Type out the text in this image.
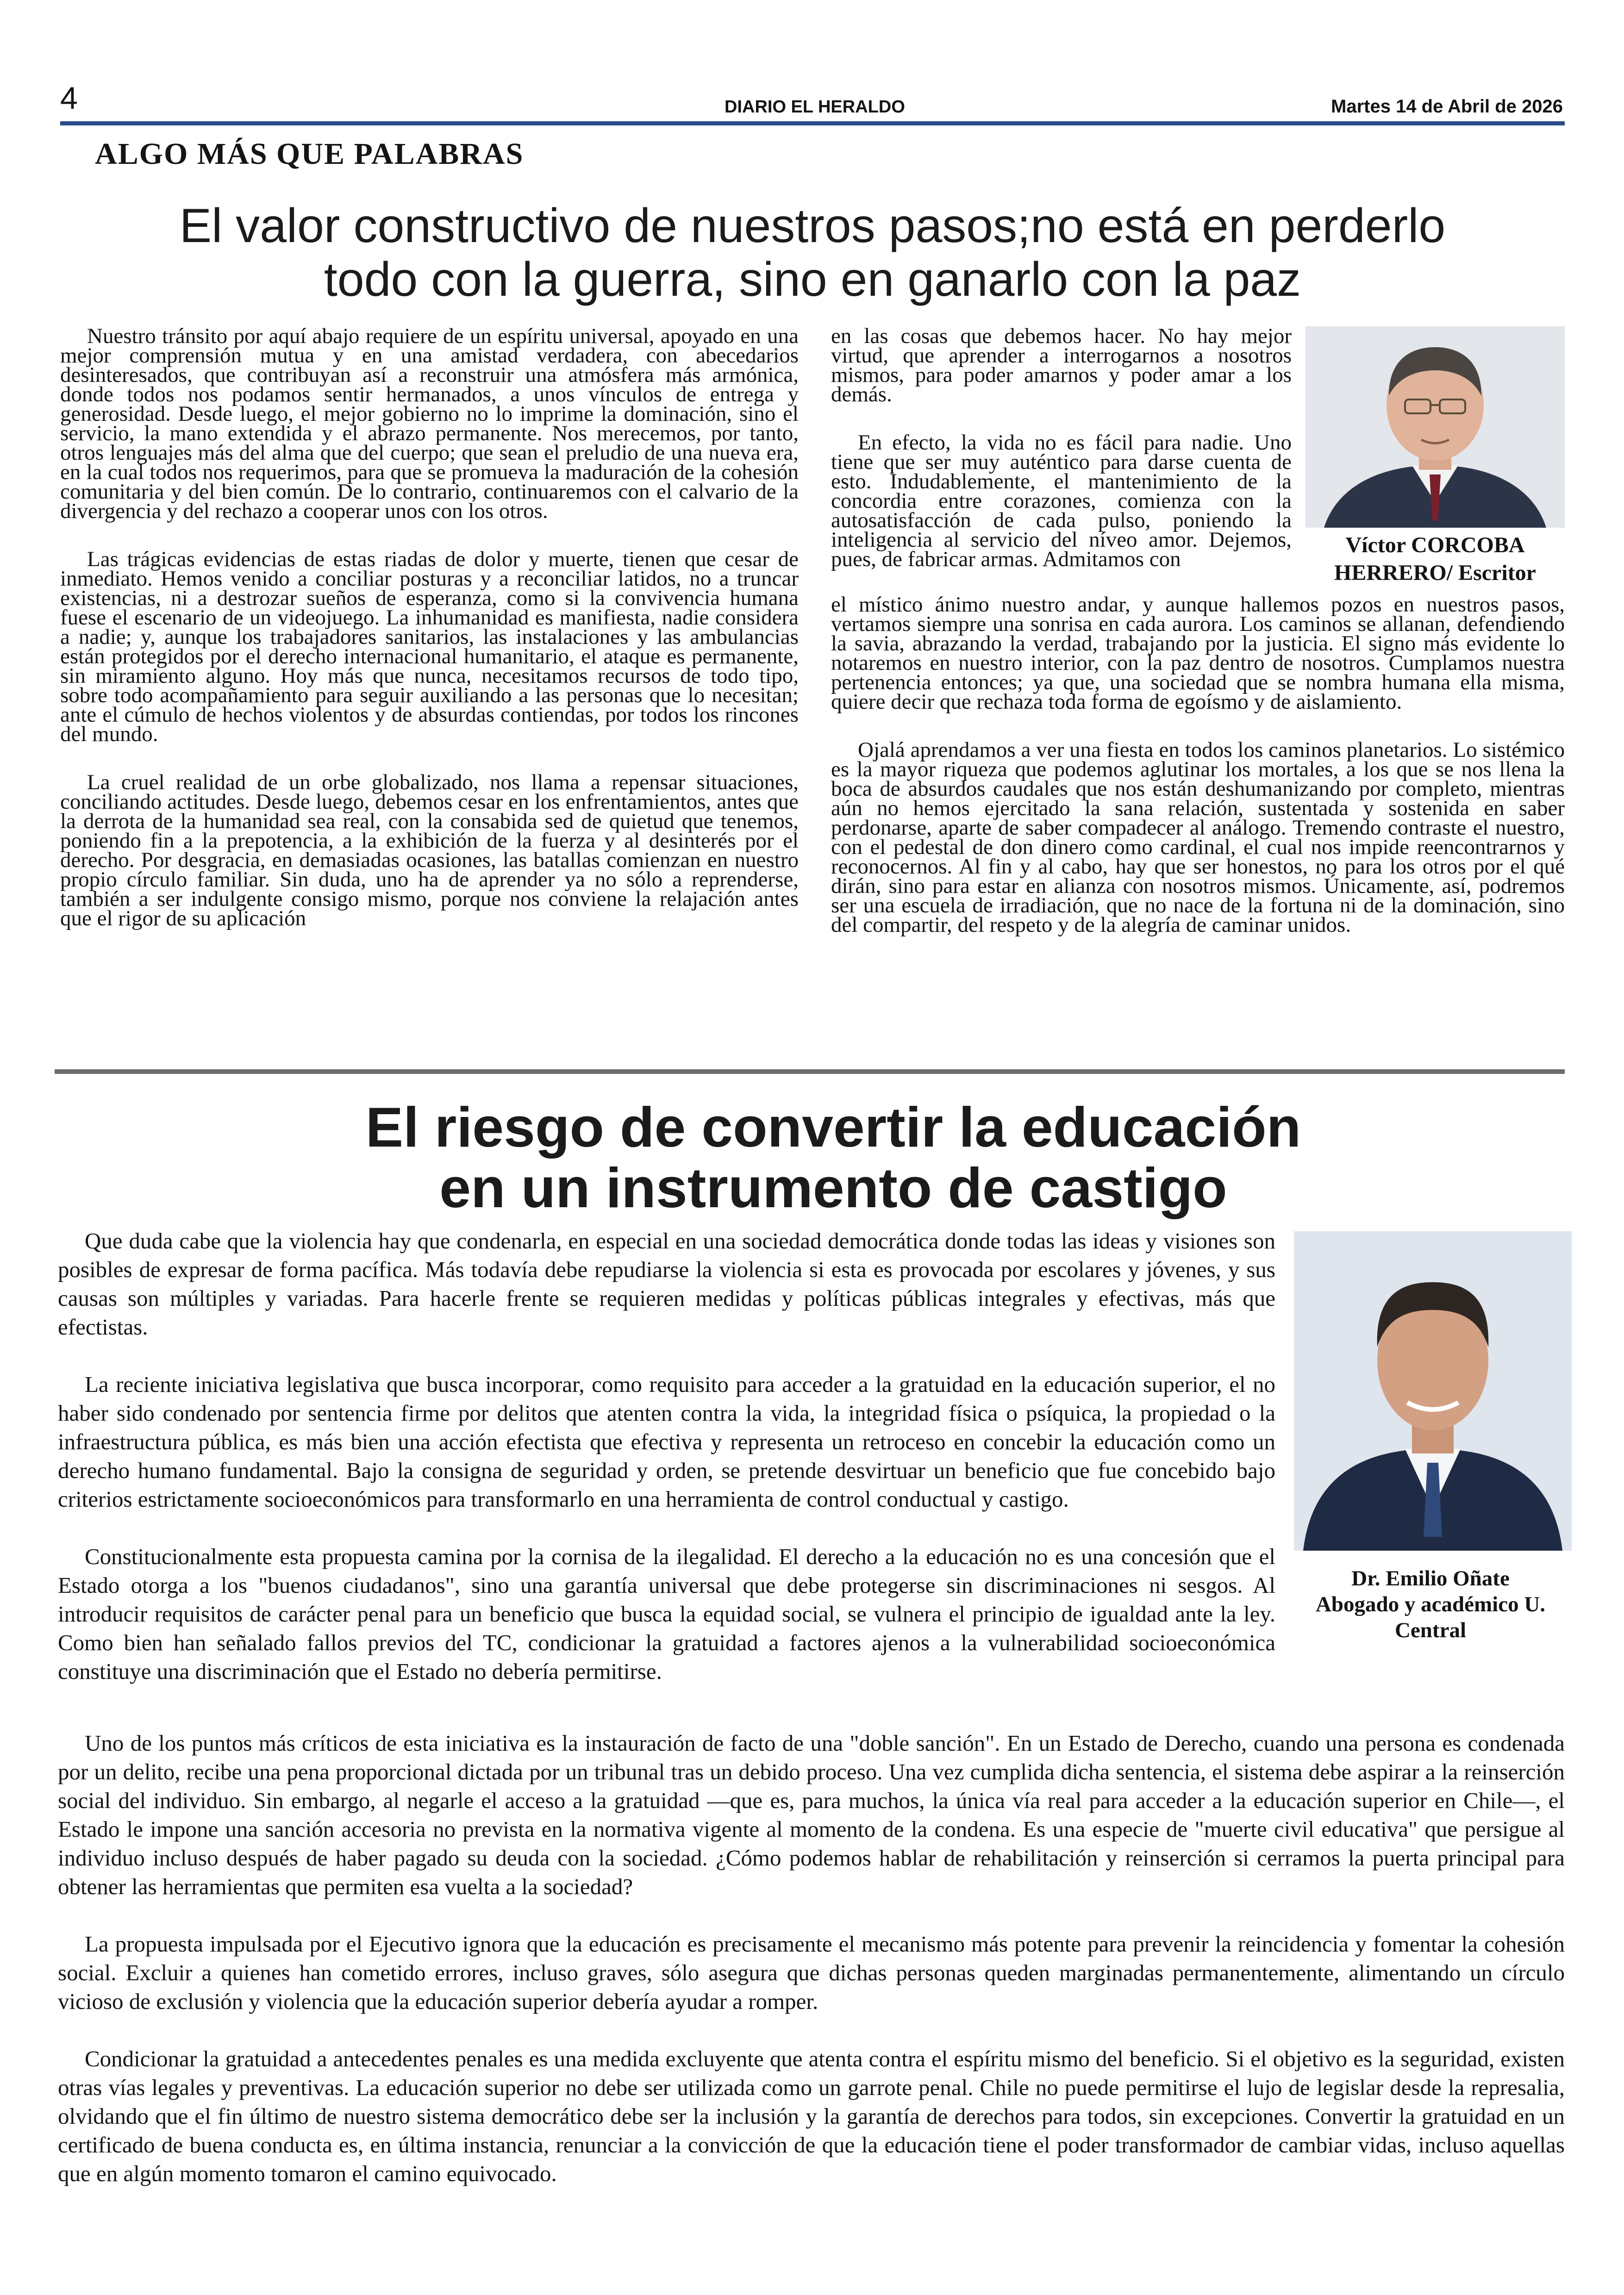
4	DIARIO EL HERALDO	Martes 14 de Abril de 2026
ALGO MÁS QUE PALABRAS
El valor constructivo de nuestros pasos;no está en perderlo
todo con la guerra, sino en ganarlo con la paz

Nuestro tránsito por aquí abajo requiere de un espíritu universal, apoyado en una mejor comprensión mutua y en una amistad verdadera, con abecedarios desinteresados, que contribuyan así a reconstruir una atmósfera más armónica, donde todos nos podamos sentir hermanados, a unos vínculos de entrega y generosidad. Desde luego, el mejor gobierno no lo imprime la dominación, sino el servicio, la mano extendida y el abrazo permanente. Nos merecemos, por tanto, otros lenguajes más del alma que del cuerpo; que sean el preludio de una nueva era, en la cual todos nos requerimos, para que se promueva la maduración de la cohesión comunitaria y del bien común. De lo contrario, continuaremos con el calvario de la divergencia y del rechazo a cooperar unos con los otros.

Las trágicas evidencias de estas riadas de dolor y muerte, tienen que cesar de inmediato. Hemos venido a conciliar posturas y a reconciliar latidos, no a truncar existencias, ni a destrozar sueños de esperanza, como si la convivencia humana fuese el escenario de un videojuego. La inhumanidad es manifiesta, nadie considera a nadie; y, aunque los trabajadores sanitarios, las instalaciones y las ambulancias están protegidos por el derecho internacional humanitario, el ataque es permanente, sin miramiento alguno. Hoy más que nunca, necesitamos recursos de todo tipo, sobre todo acompañamiento para seguir auxiliando a las personas que lo necesitan; ante el cúmulo de hechos violentos y de absurdas contiendas, por todos los rincones del mundo.

La cruel realidad de un orbe globalizado, nos llama a repensar situaciones, conciliando actitudes. Desde luego, debemos cesar en los enfrentamientos, antes que la derrota de la humanidad sea real, con la consabida sed de quietud que tenemos, poniendo fin a la prepotencia, a la exhibición de la fuerza y al desinterés por el derecho. Por desgracia, en demasiadas ocasiones, las batallas comienzan en nuestro propio círculo familiar. Sin duda, uno ha de aprender ya no sólo a reprenderse, también a ser indulgente consigo mismo, porque nos conviene la relajación antes que el rigor de su aplicación

en las cosas que debemos hacer. No hay mejor virtud, que aprender a interrogarnos a nosotros mismos, para poder amarnos y poder amar a los demás.

En efecto, la vida no es fácil para nadie. Uno tiene que ser muy auténtico para darse cuenta de esto. Indudablemente, el mantenimiento de la concordia entre corazones, comienza con la autosatisfacción de cada pulso, poniendo la inteligencia al servicio del níveo amor. Dejemos, pues, de fabricar armas. Admitamos con

Víctor CORCOBA
HERRERO/ Escritor

el místico ánimo nuestro andar, y aunque hallemos pozos en nuestros pasos, vertamos siempre una sonrisa en cada aurora. Los caminos se allanan, defendiendo la savia, abrazando la verdad, trabajando por la justicia. El signo más evidente lo notaremos en nuestro interior, con la paz dentro de nosotros. Cumplamos nuestra pertenencia entonces; ya que, una sociedad que se nombra humana ella misma, quiere decir que rechaza toda forma de egoísmo y de aislamiento.

Ojalá aprendamos a ver una fiesta en todos los caminos planetarios. Lo sistémico es la mayor riqueza que podemos aglutinar los mortales, a los que se nos llena la boca de absurdos caudales que nos están deshumanizando por completo, mientras aún no hemos ejercitado la sana relación, sustentada y sostenida en saber perdonarse, aparte de saber compadecer al análogo. Tremendo contraste el nuestro, con el pedestal de don dinero como cardinal, el cual nos impide reencontrarnos y reconocernos. Al fin y al cabo, hay que ser honestos, no para los otros por el qué dirán, sino para estar en alianza con nosotros mismos. Únicamente, así, podremos ser una escuela de irradiación, que no nace de la fortuna ni de la dominación, sino del compartir, del respeto y de la alegría de caminar unidos.

El riesgo de convertir la educación
en un instrumento de castigo

Que duda cabe que la violencia hay que condenarla, en especial en una sociedad democrática donde todas las ideas y visiones son posibles de expresar de forma pacífica. Más todavía debe repudiarse la violencia si esta es provocada por escolares y jóvenes, y sus causas son múltiples y variadas. Para hacerle frente se requieren medidas y políticas públicas integrales y efectivas, más que efectistas.

La reciente iniciativa legislativa que busca incorporar, como requisito para acceder a la gratuidad en la educación superior, el no haber sido condenado por sentencia firme por delitos que atenten contra la vida, la integridad física o psíquica, la propiedad o la infraestructura pública, es más bien una acción efectista que efectiva y representa un retroceso en concebir la educación como un derecho humano fundamental. Bajo la consigna de seguridad y orden, se pretende desvirtuar un beneficio que fue concebido bajo criterios estrictamente socioeconómicos para transformarlo en una herramienta de control conductual y castigo.

Constitucionalmente esta propuesta camina por la cornisa de la ilegalidad. El derecho a la educación no es una concesión que el Estado otorga a los "buenos ciudadanos", sino una garantía universal que debe protegerse sin discriminaciones ni sesgos. Al introducir requisitos de carácter penal para un beneficio que busca la equidad social, se vulnera el principio de igualdad ante la ley. Como bien han señalado fallos previos del TC, condicionar la gratuidad a factores ajenos a la vulnerabilidad socioeconómica constituye una discriminación que el Estado no debería permitirse.

Dr. Emilio Oñate
Abogado y académico U.
Central

Uno de los puntos más críticos de esta iniciativa es la instauración de facto de una "doble sanción". En un Estado de Derecho, cuando una persona es condenada por un delito, recibe una pena proporcional dictada por un tribunal tras un debido proceso. Una vez cumplida dicha sentencia, el sistema debe aspirar a la reinserción social del individuo. Sin embargo, al negarle el acceso a la gratuidad —que es, para muchos, la única vía real para acceder a la educación superior en Chile—, el Estado le impone una sanción accesoria no prevista en la normativa vigente al momento de la condena. Es una especie de "muerte civil educativa" que persigue al individuo incluso después de haber pagado su deuda con la sociedad. ¿Cómo podemos hablar de rehabilitación y reinserción si cerramos la puerta principal para obtener las herramientas que permiten esa vuelta a la sociedad?

La propuesta impulsada por el Ejecutivo ignora que la educación es precisamente el mecanismo más potente para prevenir la reincidencia y fomentar la cohesión social. Excluir a quienes han cometido errores, incluso graves, sólo asegura que dichas personas queden marginadas permanentemente, alimentando un círculo vicioso de exclusión y violencia que la educación superior debería ayudar a romper.

Condicionar la gratuidad a antecedentes penales es una medida excluyente que atenta contra el espíritu mismo del beneficio. Si el objetivo es la seguridad, existen otras vías legales y preventivas. La educación superior no debe ser utilizada como un garrote penal. Chile no puede permitirse el lujo de legislar desde la represalia, olvidando que el fin último de nuestro sistema democrático debe ser la inclusión y la garantía de derechos para todos, sin excepciones. Convertir la gratuidad en un certificado de buena conducta es, en última instancia, renunciar a la convicción de que la educación tiene el poder transformador de cambiar vidas, incluso aquellas que en algún momento tomaron el camino equivocado.
